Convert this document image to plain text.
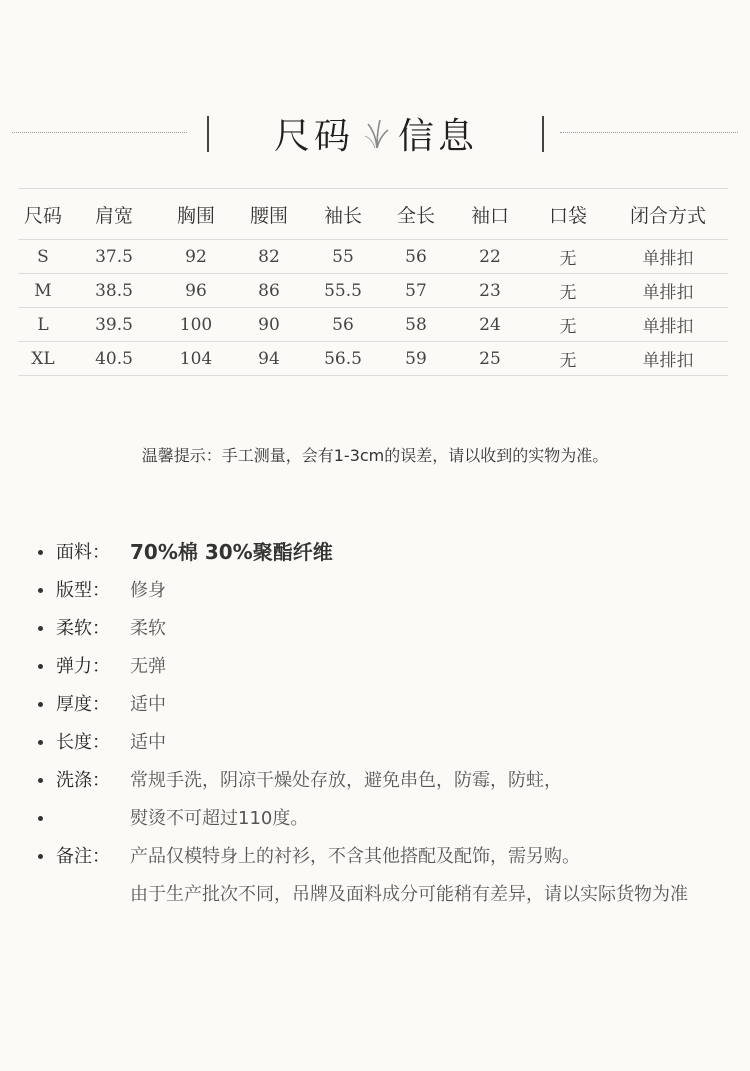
尺码 信息
尺码	肩宽	胸围	腰围	袖长	全长	袖口	口袋	闭合方式
S	37.5	92	82	55	56	22	无	单排扣
M	38.5	96	86	55.5	57	23	无	单排扣
L	39.5	100	90	56	58	24	无	单排扣
XL	40.5	104	94	56.5	59	25	无	单排扣
温馨提示：手工测量，会有1-3cm的误差，请以收到的实物为准。
面料： 70%棉 30%聚酯纤维
版型： 修身
柔软： 柔软
弹力： 无弹
厚度： 适中
长度： 适中
洗涤： 常规手洗，阴凉干燥处存放，避免串色，防霉，防蛀，
熨烫不可超过110度。
备注： 产品仅模特身上的衬衫，不含其他搭配及配饰，需另购。
由于生产批次不同，吊牌及面料成分可能稍有差异，请以实际货物为准
